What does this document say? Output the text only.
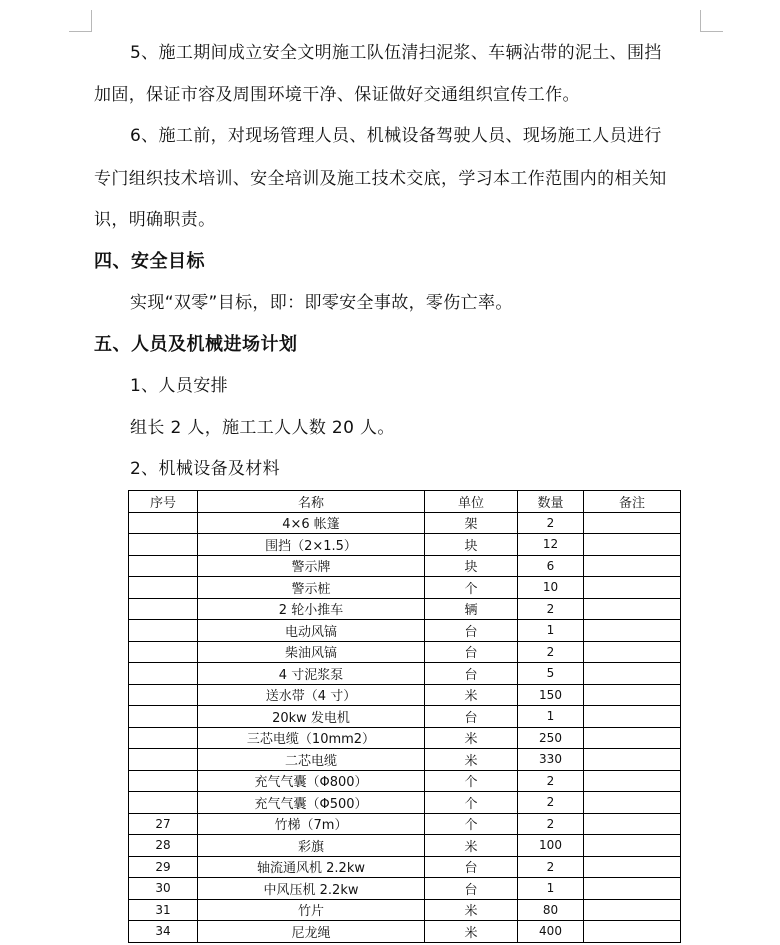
5、施工期间成立安全文明施工队伍清扫泥浆、车辆沾带的泥土、围挡
加固，保证市容及周围环境干净、保证做好交通组织宣传工作。
6、施工前，对现场管理人员、机械设备驾驶人员、现场施工人员进行
专门组织技术培训、安全培训及施工技术交底，学习本工作范围内的相关知
识，明确职责。
四、安全目标
实现“双零”目标，即：即零安全事故，零伤亡率。
五、人员及机械进场计划
1、人员安排
组长 2 人，施工工人人数 20 人。
2、机械设备及材料
序号	名称	单位	数量	备注
	4×6 帐篷	架	2	
	围挡（2×1.5）	块	12	
	警示牌	块	6	
	警示桩	个	10	
	2 轮小推车	辆	2	
	电动风镐	台	1	
	柴油风镐	台	2	
	4 寸泥浆泵	台	5	
	送水带（4 寸）	米	150	
	20kw 发电机	台	1	
	三芯电缆（10mm2）	米	250	
	二芯电缆	米	330	
	充气气囊（Φ800）	个	2	
	充气气囊（Φ500）	个	2	
27	竹梯（7m）	个	2	
28	彩旗	米	100	
29	轴流通风机 2.2kw	台	2	
30	中风压机 2.2kw	台	1	
31	竹片	米	80	
34	尼龙绳	米	400	
